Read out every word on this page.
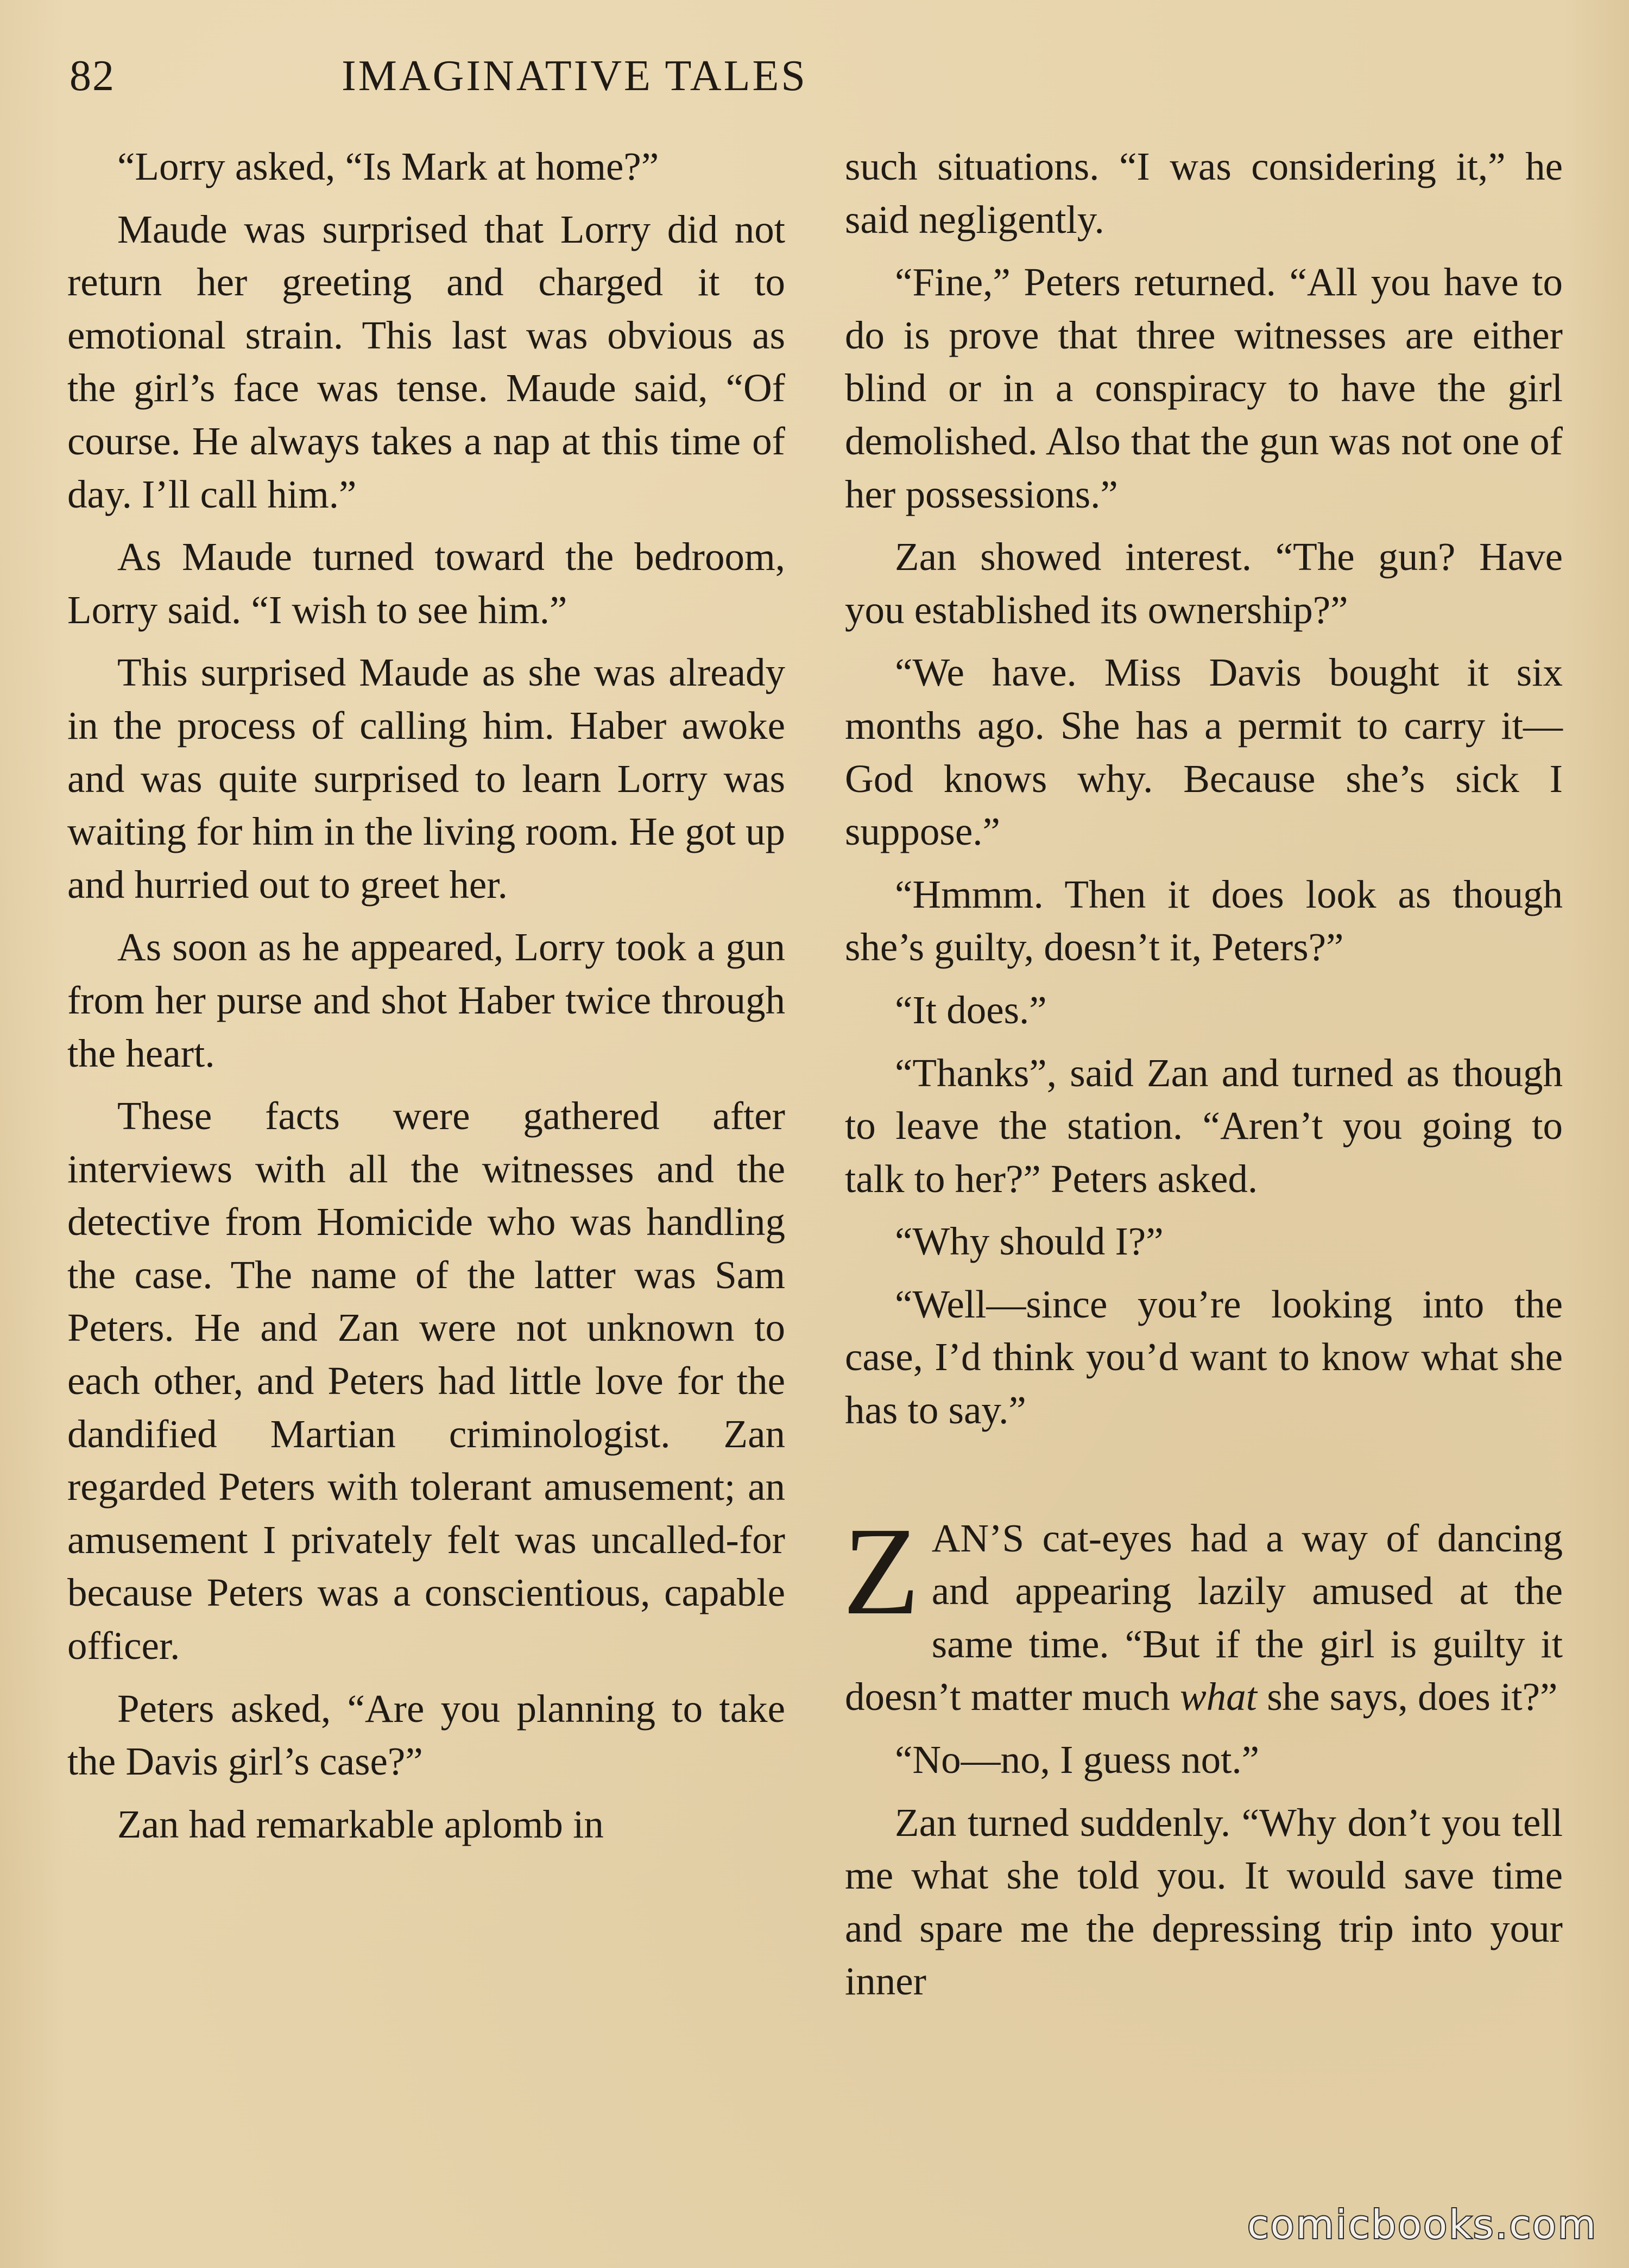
82	IMAGINATIVE TALES

“Lorry asked, “Is Mark at home?”

Maude was surprised that Lorry did not return her greeting and charged it to emotional strain. This last was obvious as the girl’s face was tense. Maude said, “Of course. He always takes a nap at this time of day. I’ll call him.”

As Maude turned toward the bedroom, Lorry said. “I wish to see him.”

This surprised Maude as she was already in the process of calling him. Haber awoke and was quite surprised to learn Lorry was waiting for him in the living room. He got up and hurried out to greet her.

As soon as he appeared, Lorry took a gun from her purse and shot Haber twice through the heart.

These facts were gathered after interviews with all the witnesses and the detective from Homicide who was handling the case. The name of the latter was Sam Peters. He and Zan were not unknown to each other, and Peters had little love for the dandified Martian criminologist. Zan regarded Peters with tolerant amusement; an amusement I privately felt was uncalled-for because Peters was a conscientious, capable officer.

Peters asked, “Are you planning to take the Davis girl’s case?”

Zan had remarkable aplomb in

such situations. “I was considering it,” he said negligently.

“Fine,” Peters returned. “All you have to do is prove that three witnesses are either blind or in a conspiracy to have the girl demolished. Also that the gun was not one of her possessions.”

Zan showed interest. “The gun? Have you established its ownership?”

“We have. Miss Davis bought it six months ago. She has a permit to carry it—God knows why. Because she’s sick I suppose.”

“Hmmm. Then it does look as though she’s guilty, doesn’t it, Peters?”

“It does.”

“Thanks”, said Zan and turned as though to leave the station. “Aren’t you going to talk to her?” Peters asked.

“Why should I?”

“Well—since you’re looking into the case, I’d think you’d want to know what she has to say.”

ZAN’S cat-eyes had a way of dancing and appearing lazily amused at the same time. “But if the girl is guilty it doesn’t matter much what she says, does it?”

“No—no, I guess not.”

Zan turned suddenly. “Why don’t you tell me what she told you. It would save time and spare me the depressing trip into your inner

comicbooks.com
